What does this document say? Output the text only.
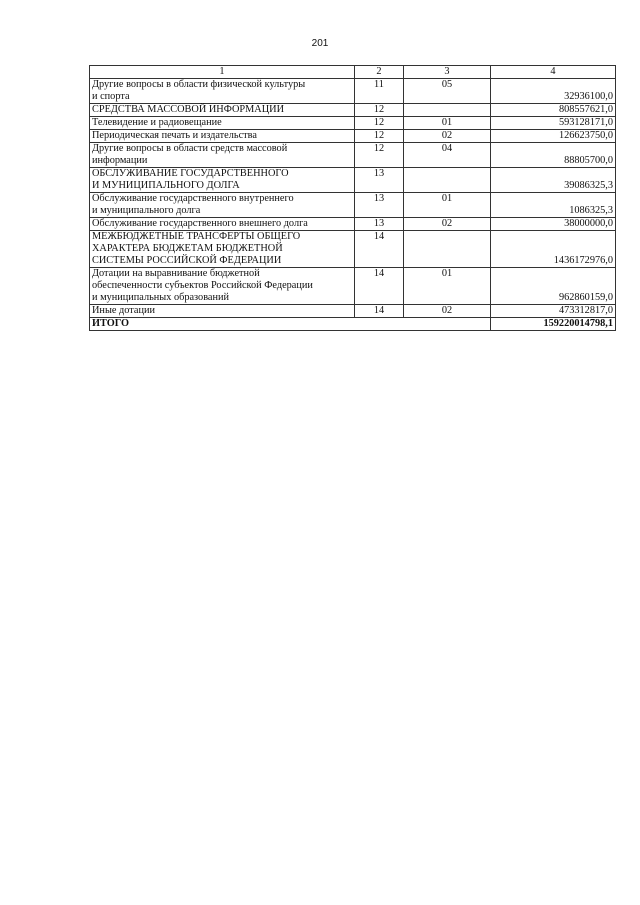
201
1	2	3	4

Другие вопросы в области физической культуры
и спорта	11	05	32936100,0

СРЕДСТВА МАССОВОЙ ИНФОРМАЦИИ	12		808557621,0

Телевидение и радиовещание	12	01	593128171,0

Периодическая печать и издательства	12	02	126623750,0

Другие вопросы в области средств массовой
информации	12	04	88805700,0

ОБСЛУЖИВАНИЕ ГОСУДАРСТВЕННОГО
И МУНИЦИПАЛЬНОГО ДОЛГА	13		39086325,3

Обслуживание государственного внутреннего
и муниципального долга	13	01	1086325,3

Обслуживание государственного внешнего долга	13	02	38000000,0

МЕЖБЮДЖЕТНЫЕ ТРАНСФЕРТЫ ОБЩЕГО
ХАРАКТЕРА БЮДЖЕТАМ БЮДЖЕТНОЙ
СИСТЕМЫ РОССИЙСКОЙ ФЕДЕРАЦИИ	14		1436172976,0

Дотации на выравнивание бюджетной
обеспеченности субъектов Российской Федерации
и муниципальных образований	14	01	962860159,0

Иные дотации	14	02	473312817,0
ИТОГО			159220014798,1
